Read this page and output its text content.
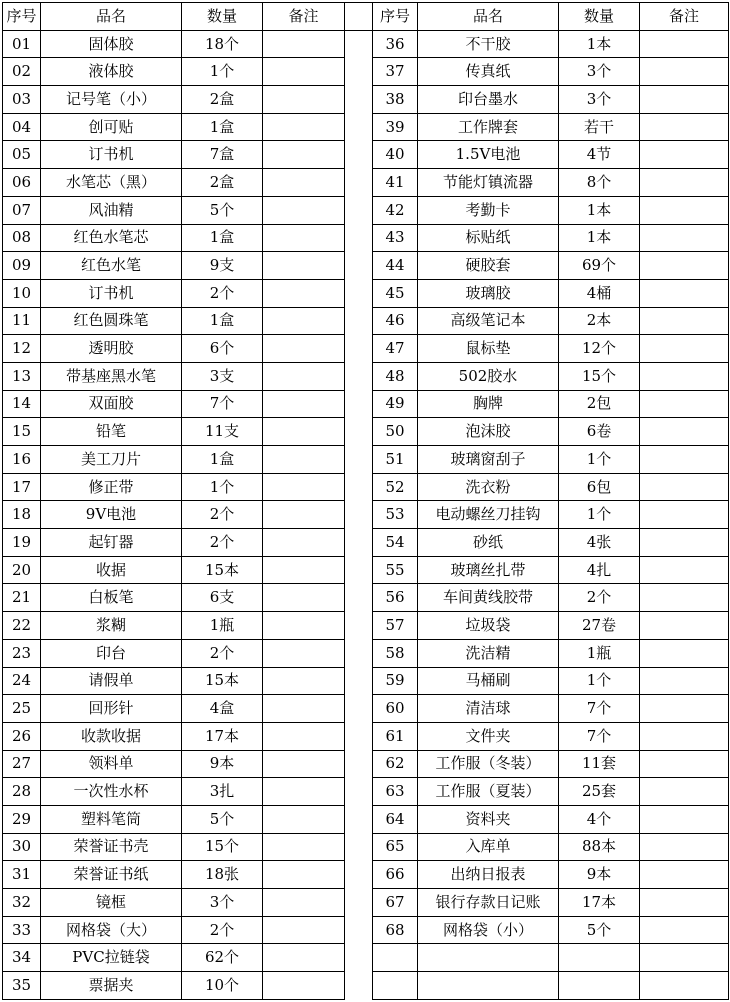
序号	品名	数量	备注		序号	品名	数量	备注
01	固体胶	18个			36	不干胶	1本	
02	液体胶	1个			37	传真纸	3个	
03	记号笔（小）	2盒			38	印台墨水	3个	
04	创可贴	1盒			39	工作牌套	若干	
05	订书机	7盒			40	1.5V电池	4节	
06	水笔芯（黑）	2盒			41	节能灯镇流器	8个	
07	风油精	5个			42	考勤卡	1本	
08	红色水笔芯	1盒			43	标贴纸	1本	
09	红色水笔	9支			44	硬胶套	69个	
10	订书机	2个			45	玻璃胶	4桶	
11	红色圆珠笔	1盒			46	高级笔记本	2本	
12	透明胶	6个			47	鼠标垫	12个	
13	带基座黑水笔	3支			48	502胶水	15个	
14	双面胶	7个			49	胸牌	2包	
15	铅笔	11支			50	泡沫胶	6卷	
16	美工刀片	1盒			51	玻璃窗刮子	1个	
17	修正带	1个			52	洗衣粉	6包	
18	9V电池	2个			53	电动螺丝刀挂钩	1个	
19	起钉器	2个			54	砂纸	4张	
20	收据	15本			55	玻璃丝扎带	4扎	
21	白板笔	6支			56	车间黄线胶带	2个	
22	浆糊	1瓶			57	垃圾袋	27卷	
23	印台	2个			58	洗洁精	1瓶	
24	请假单	15本			59	马桶刷	1个	
25	回形针	4盒			60	清洁球	7个	
26	收款收据	17本			61	文件夹	7个	
27	领料单	9本			62	工作服（冬装）	11套	
28	一次性水杯	3扎			63	工作服（夏装）	25套	
29	塑料笔筒	5个			64	资料夹	4个	
30	荣誉证书壳	15个			65	入库单	88本	
31	荣誉证书纸	18张			66	出纳日报表	9本	
32	镜框	3个			67	银行存款日记账	17本	
33	网格袋（大）	2个			68	网格袋（小）	5个	
34	PVC拉链袋	62个						
35	票据夹	10个						
